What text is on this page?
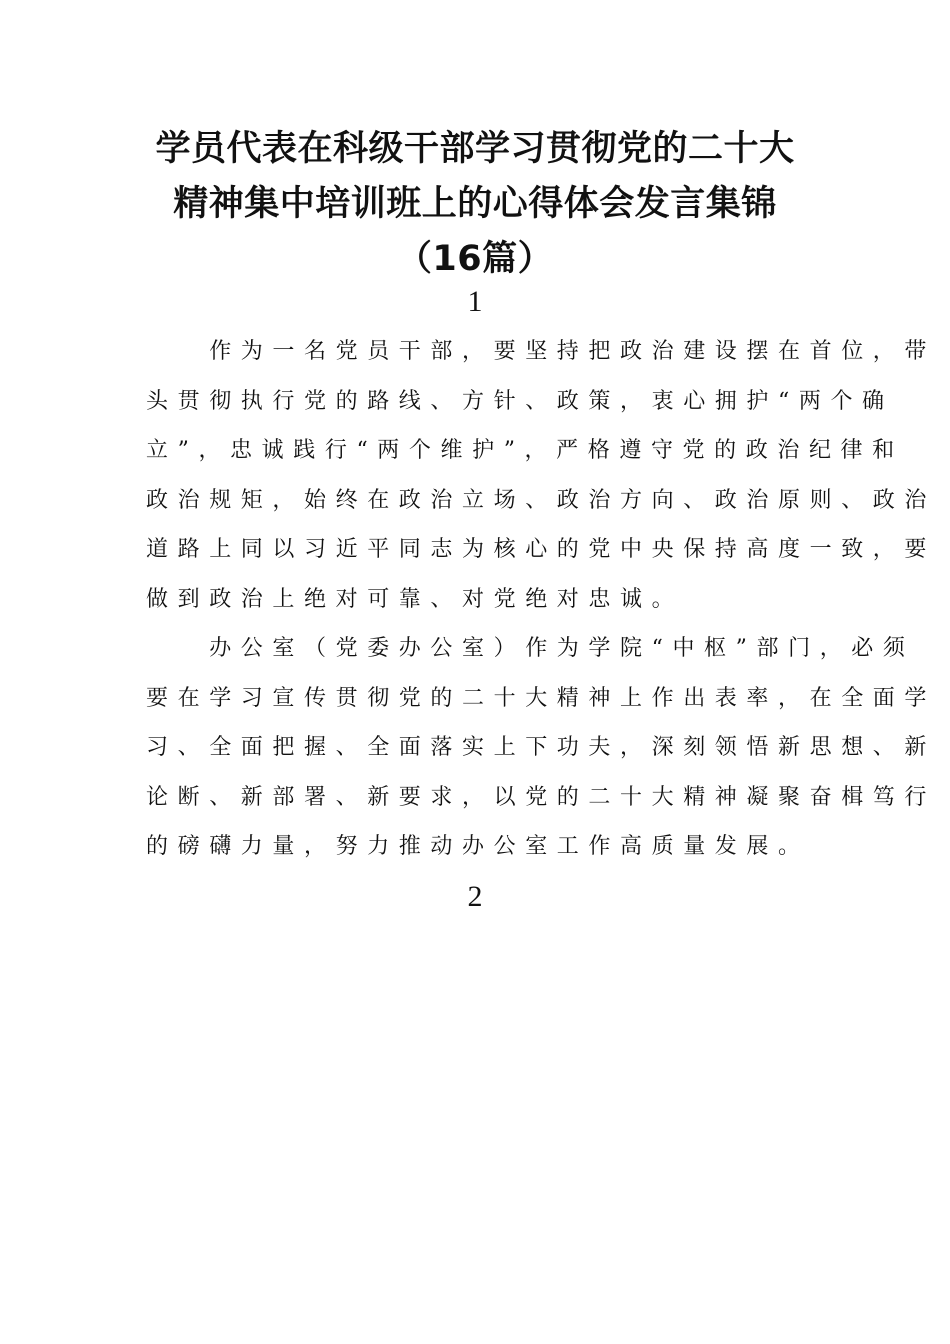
学员代表在科级干部学习贯彻党的二十大
精神集中培训班上的心得体会发言集锦
（16篇）
1
　　作为一名党员干部，要坚持把政治建设摆在首位，带
头贯彻执行党的路线、方针、政策，衷心拥护“两个确
立”，忠诚践行“两个维护”，严格遵守党的政治纪律和
政治规矩，始终在政治立场、政治方向、政治原则、政治
道路上同以习近平同志为核心的党中央保持高度一致，要
做到政治上绝对可靠、对党绝对忠诚。
　　办公室（党委办公室）作为学院“中枢”部门，必须
要在学习宣传贯彻党的二十大精神上作出表率，在全面学
习、全面把握、全面落实上下功夫，深刻领悟新思想、新
论断、新部署、新要求，以党的二十大精神凝聚奋楫笃行
的磅礴力量，努力推动办公室工作高质量发展。
2
